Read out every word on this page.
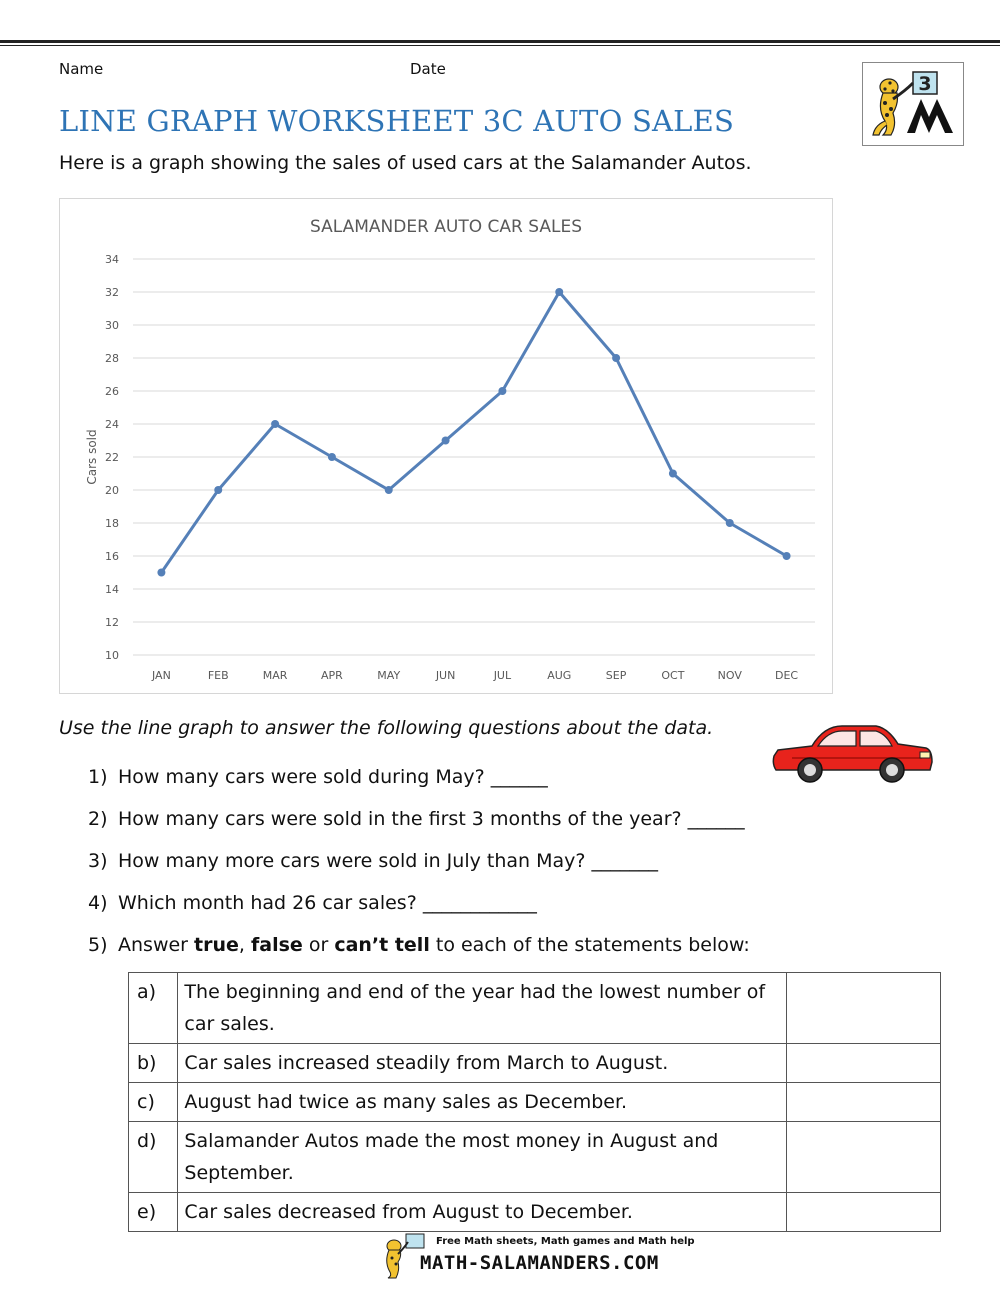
Name	Date
3
LINE GRAPH WORKSHEET 3C AUTO SALES
Here is a graph showing the sales of used cars at the Salamander Autos.
SALAMANDER AUTO CAR SALES
Cars sold
10
12
14
16
18
20
22
24
26
28
30
32
34
JAN	FEB	MAR	APR	MAY	JUN	JUL	AUG	SEP	OCT	NOV	DEC
Use the line graph to answer the following questions about the data.
1) How many cars were sold during May? ______
2) How many cars were sold in the first 3 months of the year? ______
3) How many more cars were sold in July than May? _______
4) Which month had 26 car sales? ____________
5) Answer true, false or can’t tell to each of the statements below:
a)	The beginning and end of the year had the lowest number of car sales.	
b)	Car sales increased steadily from March to August.	
c)	August had twice as many sales as December.	
d)	Salamander Autos made the most money in August and September.	
e)	Car sales decreased from August to December.	
Free Math sheets, Math games and Math help
MATH-SALAMANDERS.COM
